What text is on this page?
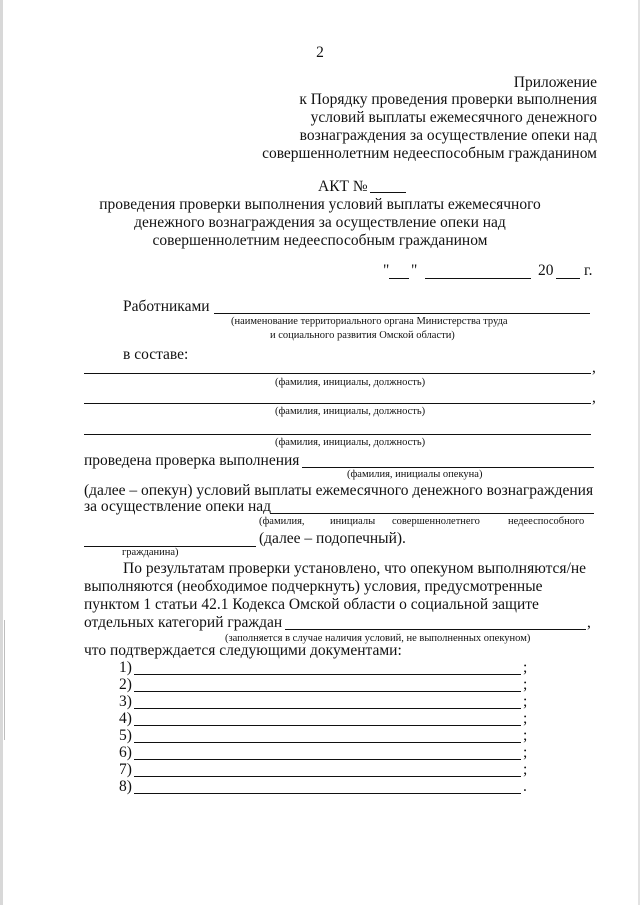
2
Приложение
к Порядку проведения проверки выполнения
условий выплаты ежемесячного денежного
вознаграждения за осуществление опеки над
совершеннолетним недееспособным гражданином
АКТ №
проведения проверки выполнения условий выплаты ежемесячного
денежного вознаграждения за осуществление опеки над
совершеннолетним недееспособным гражданином
" "	20 г.
Работниками
(наименование территориального органа Министерства труда
и социального развития Омской области)
в составе:
,
(фамилия, инициалы, должность)
,
(фамилия, инициалы, должность)
(фамилия, инициалы, должность)
проведена проверка выполнения
(фамилия, инициалы опекуна)
(далее – опекун) условий выплаты ежемесячного денежного вознаграждения
за осуществление опеки над
(фамилия, инициалы совершеннолетнего	недееспособного
(далее – подопечный).
гражданина)
По результатам проверки установлено, что опекуном выполняются/не
выполняются (необходимое подчеркнуть) условия, предусмотренные
пунктом 1 статьи 42.1 Кодекса Омской области о социальной защите
отдельных категорий граждан	,
(заполняется в случае наличия условий, не выполненных опекуном)
что подтверждается следующими документами:
1)	;
2)	;
3)	;
4)	;
5)	;
6)	;
7)	;
8)	.
